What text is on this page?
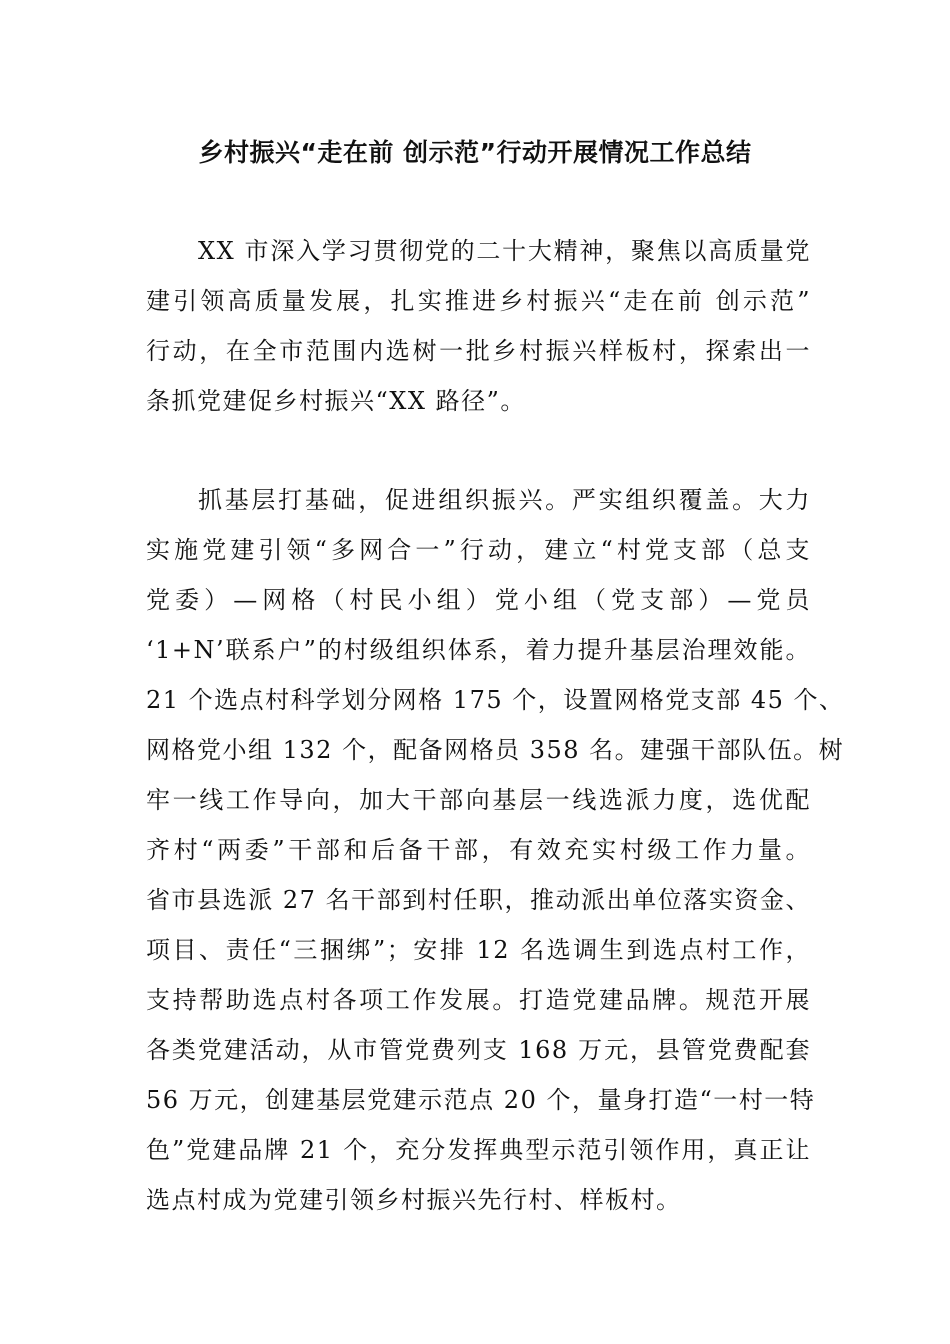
乡村振兴“走在前 创示范”行动开展情况工作总结
XX 市深入学习贯彻党的二十大精神，聚焦以高质量党
建引领高质量发展，扎实推进乡村振兴“走在前 创示范”
行动，在全市范围内选树一批乡村振兴样板村，探索出一
条抓党建促乡村振兴“XX 路径”。
抓基层打基础，促进组织振兴。严实组织覆盖。大力
实施党建引领“多网合一”行动，建立“村党支部（总支
党委）—网格（村民小组）党小组（党支部）—党员
‘1+N’联系户”的村级组织体系，着力提升基层治理效能。
21 个选点村科学划分网格 175 个，设置网格党支部 45 个、
网格党小组 132 个，配备网格员 358 名。建强干部队伍。树
牢一线工作导向，加大干部向基层一线选派力度，选优配
齐村“两委”干部和后备干部，有效充实村级工作力量。
省市县选派 27 名干部到村任职，推动派出单位落实资金、
项目、责任“三捆绑”；安排 12 名选调生到选点村工作，
支持帮助选点村各项工作发展。打造党建品牌。规范开展
各类党建活动，从市管党费列支 168 万元，县管党费配套
56 万元，创建基层党建示范点 20 个，量身打造“一村一特
色”党建品牌 21 个，充分发挥典型示范引领作用，真正让
选点村成为党建引领乡村振兴先行村、样板村。
